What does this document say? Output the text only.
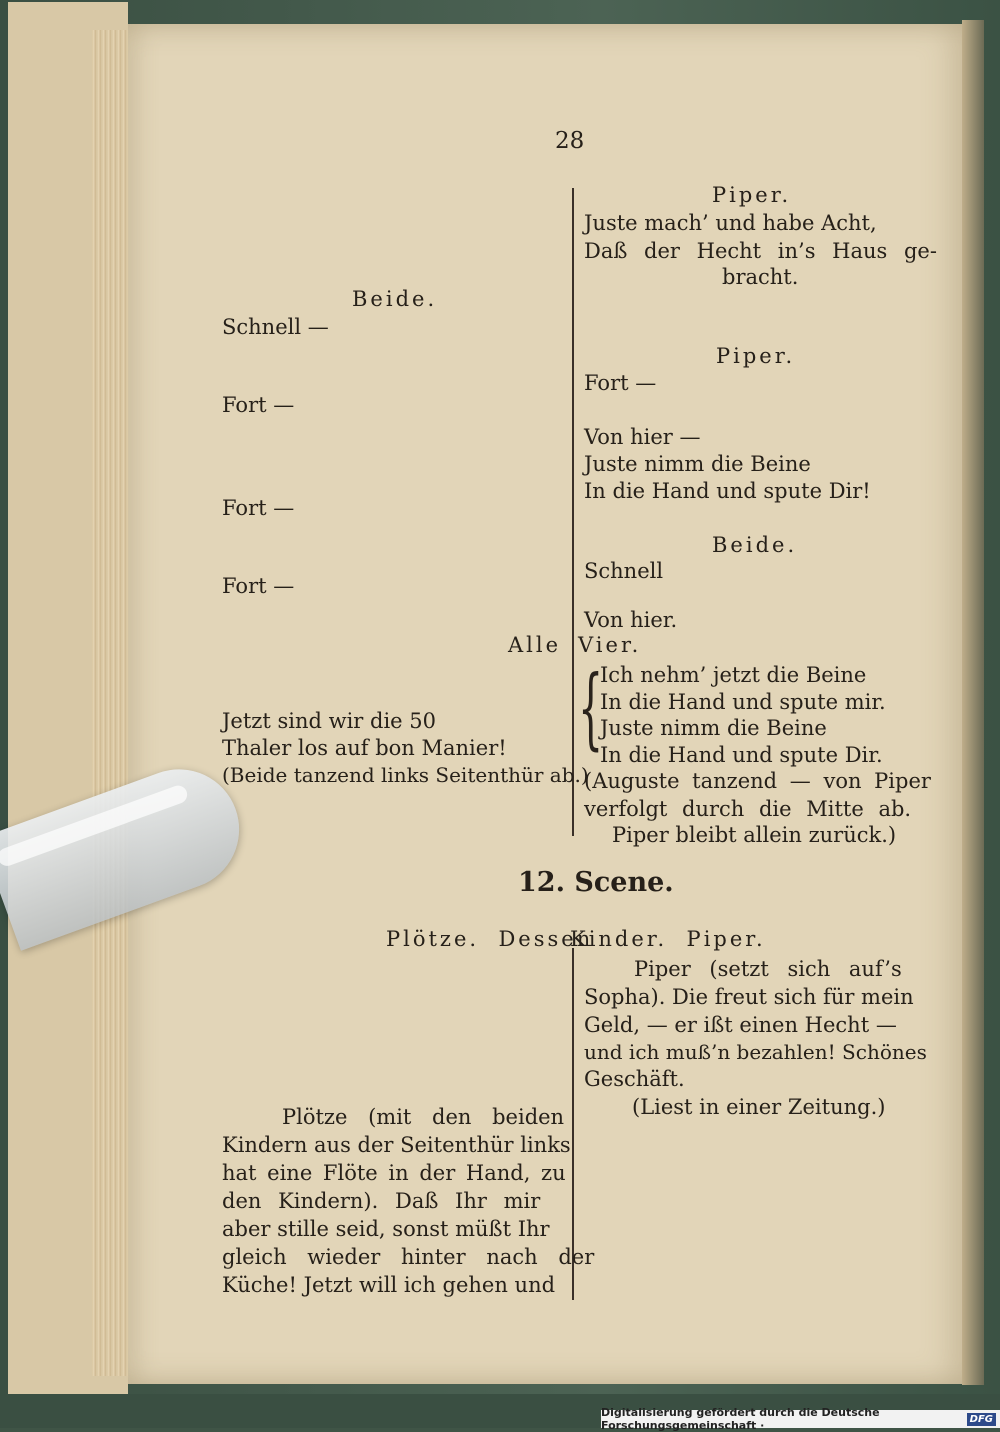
28
Beide.
Schnell —
Fort —
Fort —
Fort —
Jetzt sind wir die 50
Thaler los auf bon Manier!
(Beide tanzend links Seitenthür ab.)
Piper.
Juste mach’ und habe Acht,
Daß der Hecht in’s Haus ge-
bracht.
Piper.
Fort —
Von hier —
Juste nimm die Beine
In die Hand und spute Dir!
Beide.
Schnell
Von hier.
Alle Vier.
{
Ich nehm’ jetzt die Beine
In die Hand und spute mir.
Juste nimm die Beine
In die Hand und spute Dir.
(Auguste tanzend — von Piper
verfolgt durch die Mitte ab.
Piper bleibt allein zurück.)
12. Scene.
Plötze.  Dessen
Kinder.  Piper.
Piper (setzt sich auf’s
Sopha). Die freut sich für mein
Geld, — er ißt einen Hecht —
und ich muß’n bezahlen! Schönes
Geschäft.
(Liest in einer Zeitung.)
Plötze (mit den beiden
Kindern aus der Seitenthür links
hat eine Flöte in der Hand, zu
den Kindern). Daß Ihr mir
aber stille seid, sonst müßt Ihr
gleich wieder hinter nach der
Küche! Jetzt will ich gehen und
Digitalisierung gefördert durch die Deutsche Forschungsgemeinschaft ·	DFG
